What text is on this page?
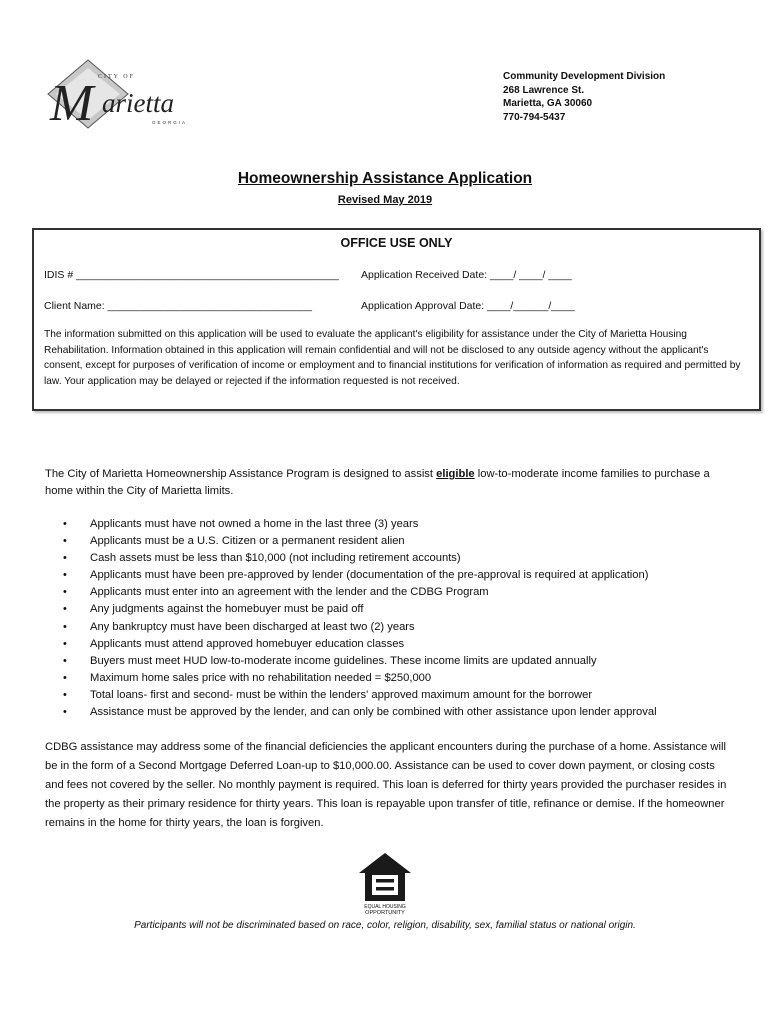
CITY OF
M arietta
GEORGIA
Community Development Division
268 Lawrence St.
Marietta, GA 30060
770-794-5437
Homeownership Assistance Application
Revised May 2019
OFFICE USE ONLY
IDIS # _____________________________________________ Application Received Date: ____/ ____/ ____
Client Name: ___________________________________	Application Approval Date: ____/______/____
The information submitted on this application will be used to evaluate the applicant's eligibility for assistance under the City of Marietta Housing Rehabilitation. Information obtained in this application will remain confidential and will not be disclosed to any outside agency without the applicant's consent, except for purposes of verification of income or employment and to financial institutions for verification of information as required and permitted by law. Your application may be delayed or rejected if the information requested is not received.
The City of Marietta Homeownership Assistance Program is designed to assist eligible low-to-moderate income families to purchase a home within the City of Marietta limits.
• Applicants must have not owned a home in the last three (3) years
• Applicants must be a U.S. Citizen or a permanent resident alien
• Cash assets must be less than $10,000 (not including retirement accounts)
• Applicants must have been pre-approved by lender (documentation of the pre-approval is required at application)
• Applicants must enter into an agreement with the lender and the CDBG Program
• Any judgments against the homebuyer must be paid off
• Any bankruptcy must have been discharged at least two (2) years
• Applicants must attend approved homebuyer education classes
• Buyers must meet HUD low-to-moderate income guidelines. These income limits are updated annually
• Maximum home sales price with no rehabilitation needed = $250,000
• Total loans- first and second- must be within the lenders' approved maximum amount for the borrower
• Assistance must be approved by the lender, and can only be combined with other assistance upon lender approval
CDBG assistance may address some of the financial deficiencies the applicant encounters during the purchase of a home. Assistance will be in the form of a Second Mortgage Deferred Loan-up to $10,000.00. Assistance can be used to cover down payment, or closing costs and fees not covered by the seller. No monthly payment is required. This loan is deferred for thirty years provided the purchaser resides in the property as their primary residence for thirty years. This loan is repayable upon transfer of title, refinance or demise. If the homeowner remains in the home for thirty years, the loan is forgiven.
EQUAL HOUSING
OPPORTUNITY
Participants will not be discriminated based on race, color, religion, disability, sex, familial status or national origin.
